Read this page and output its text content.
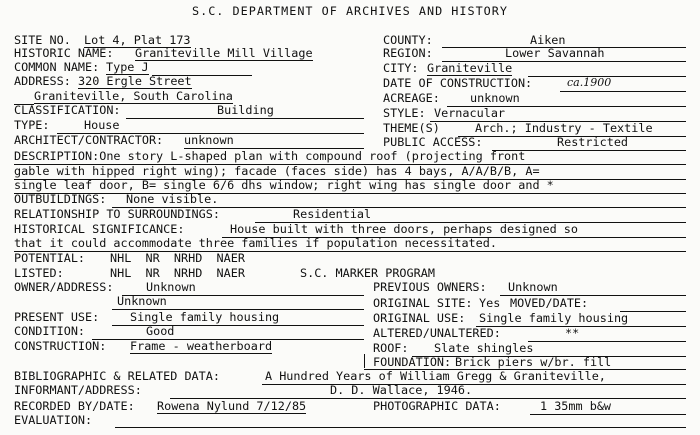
S.C. DEPARTMENT OF ARCHIVES AND HISTORY
SITE NO. Lot 4, Plat 173
HISTORIC NAME: Graniteville Mill Village
COMMON NAME: Type J
ADDRESS: 320 Ergle Street
Graniteville, South Carolina
CLASSIFICATION:	Building
TYPE:	House
ARCHITECT/CONTRACTOR: unknown
COUNTY:	Aiken
REGION:	Lower Savannah
CITY: Graniteville
DATE OF CONSTRUCTION:	ca.1900
ACREAGE:	unknown
STYLE: Vernacular
THEME(S)	Arch.; Industry - Textile
PUBLIC ACCESS:	Restricted
DESCRIPTION:One story L-shaped plan with compound roof (projecting front
gable with hipped right wing); facade (faces side) has 4 bays, A/A/B/B, A=
single leaf door, B= single 6/6 dhs window; right wing has single door and *
OUTBUILDINGS: None visible.
RELATIONSHIP TO SURROUNDINGS:	Residential
HISTORICAL SIGNIFICANCE:	House built with three doors, perhaps designed so
that it could accommodate three families if population necessitated.
POTENTIAL: NHL  NR  NRHD  NAER
LISTED:	NHL  NR  NRHD  NAER	S.C. MARKER PROGRAM
OWNER/ADDRESS:	Unknown
Unknown
PREVIOUS OWNERS: Unknown
ORIGINAL SITE: Yes MOVED/DATE:
PRESENT USE:	Single family housing	ORIGINAL USE: Single family housing
CONDITION:	Good	ALTERED/UNALTERED:	**
CONSTRUCTION: Frame - weatherboard	ROOF: Slate shingles
FOUNDATION: Brick piers w/br. fill
BIBLIOGRAPHIC & RELATED DATA:	A Hundred Years of William Gregg & Graniteville,
INFORMANT/ADDRESS:	D. D. Wallace, 1946.
RECORDED BY/DATE: Rowena Nylund 7/12/85	PHOTOGRAPHIC DATA:	1 35mm b&w
EVALUATION:
